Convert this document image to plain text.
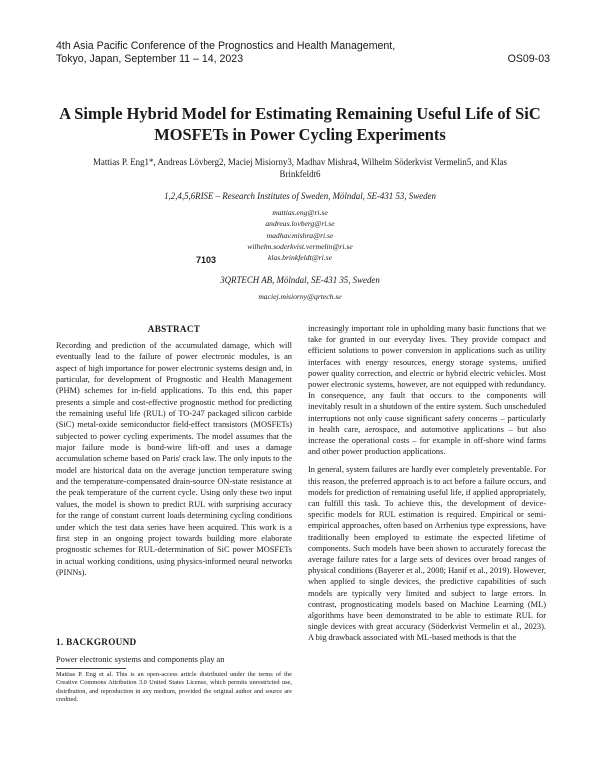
4th Asia Pacific Conference of the Prognostics and Health Management,
Tokyo, Japan, September 11 – 14, 2023	OS09-03
A Simple Hybrid Model for Estimating Remaining Useful Life of SiC
MOSFETs in Power Cycling Experiments
Mattias P. Eng1*, Andreas Lövberg2, Maciej Misiorny3, Madhav Mishra4, Wilhelm Söderkvist Vermelin5, and Klas
Brinkfeldt6
1,2,4,5,6RISE – Research Institutes of Sweden, Mölndal, SE-431 53, Sweden
mattias.eng@ri.se
andreas.lovberg@ri.se
madhav.mishra@ri.se
wilhelm.soderkvist.vermelin@ri.se
klas.brinkfeldt@ri.se
7103
3QRTECH AB, Mölndal, SE-431 35, Sweden
maciej.misiorny@qrtech.se
ABSTRACT

Recording and prediction of the accumulated damage, which will eventually lead to the failure of power electronic modules, is an aspect of high importance for power electronic systems design and, in particular, for development of Prognostic and Health Management (PHM) schemes for in-field applications. To this end, this paper presents a simple and cost-effective prognostic method for predicting the remaining useful life (RUL) of TO-247 packaged silicon carbide (SiC) metal-oxide semiconductor field-effect transistors (MOSFETs) subjected to power cycling experiments. The model assumes that the major failure mode is bond-wire lift-off and uses a damage accumulation scheme based on Paris' crack law. The only inputs to the model are historical data on the average junction temperature swing and the temperature-compensated drain-source ON-state resistance at the peak temperature of the current cycle. Using only these two input values, the model is shown to predict RUL with surprising accuracy for the range of constant current loads determining cycling conditions under which the test data series have been acquired. This work is a first step in an ongoing project towards building more elaborate prognostic schemes for RUL-determination of SiC power MOSFETs in actual working conditions, using physics-informed neural networks (PINNs).

1. BACKGROUND

Power electronic systems and components play an

Mattias P. Eng et al. This is an open-access article distributed under the terms of the Creative Commons Attribution 3.0 United States License, which permits unrestricted use, distribution, and reproduction in any medium, provided the original author and source are credited.

increasingly important role in upholding many basic functions that we take for granted in our everyday lives. They provide compact and efficient solutions to power conversion in applications such as utility interfaces with energy resources, energy storage systems, unified power quality correction, and electric or hybrid electric vehicles. Most power electronic systems, however, are not equipped with redundancy. In consequence, any fault that occurs to the components will inevitably result in a shutdown of the entire system. Such unscheduled interruptions not only cause significant safety concerns – particularly in health care, aerospace, and automotive applications – but also increase the operational costs – for example in off-shore wind farms and other power production applications.

In general, system failures are hardly ever completely preventable. For this reason, the preferred approach is to act before a failure occurs, and models for prediction of remaining useful life, if applied appropriately, can fulfill this task. To achieve this, the development of device-specific models for RUL estimation is required. Empirical or semi-empirical approaches, often based on Arrhenius type expressions, have traditionally been employed to estimate the expected lifetime of components. Such models have been shown to accurately forecast the average failure rates for a large sets of devices over broad ranges of physical conditions (Bayerer et al., 2008; Hanif et al., 2019). However, when applied to single devices, the predictive capabilities of such models are typically very limited and subject to large errors. In contrast, prognosticating models based on Machine Learning (ML) algorithms have been demonstrated to be able to estimate RUL for single devices with great accuracy (Söderkvist Vermelin et al., 2023). A big drawback associated with ML-based methods is that the
